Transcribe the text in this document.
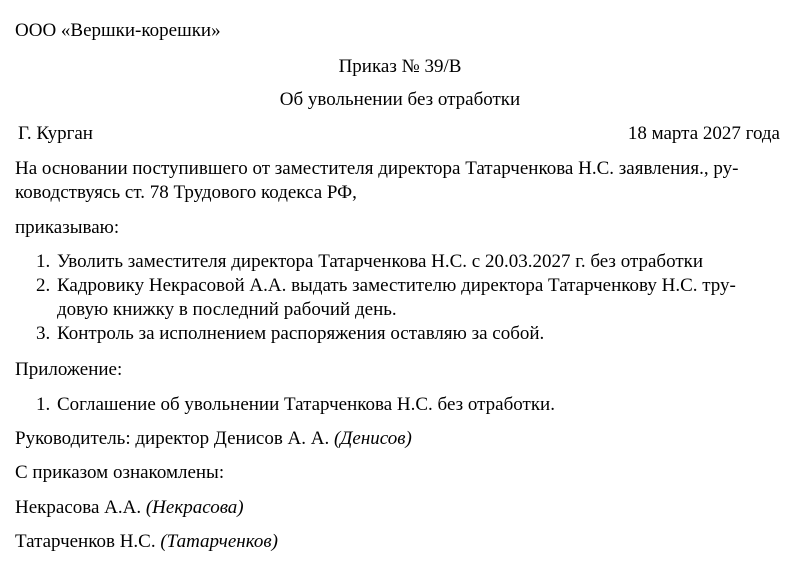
ООО «Вершки-корешки»
Приказ № 39/В
Об увольнении без отработки
Г. Курган	18 марта 2027 года
На основании поступившего от заместителя директора Татарченкова Н.С. заявления., ру-
ководствуясь ст. 78 Трудового кодекса РФ,
приказываю:
1. Уволить заместителя директора Татарченкова Н.С. с 20.03.2027 г. без отработки
2. Кадровику Некрасовой А.А. выдать заместителю директора Татарченкову Н.С. тру-
довую книжку в последний рабочий день.
3. Контроль за исполнением распоряжения оставляю за собой.
Приложение:
1. Соглашение об увольнении Татарченкова Н.С. без отработки.
Руководитель: директор Денисов А. А. (Денисов)
С приказом ознакомлены:
Некрасова А.А. (Некрасова)
Татарченков Н.С. (Татарченков)
